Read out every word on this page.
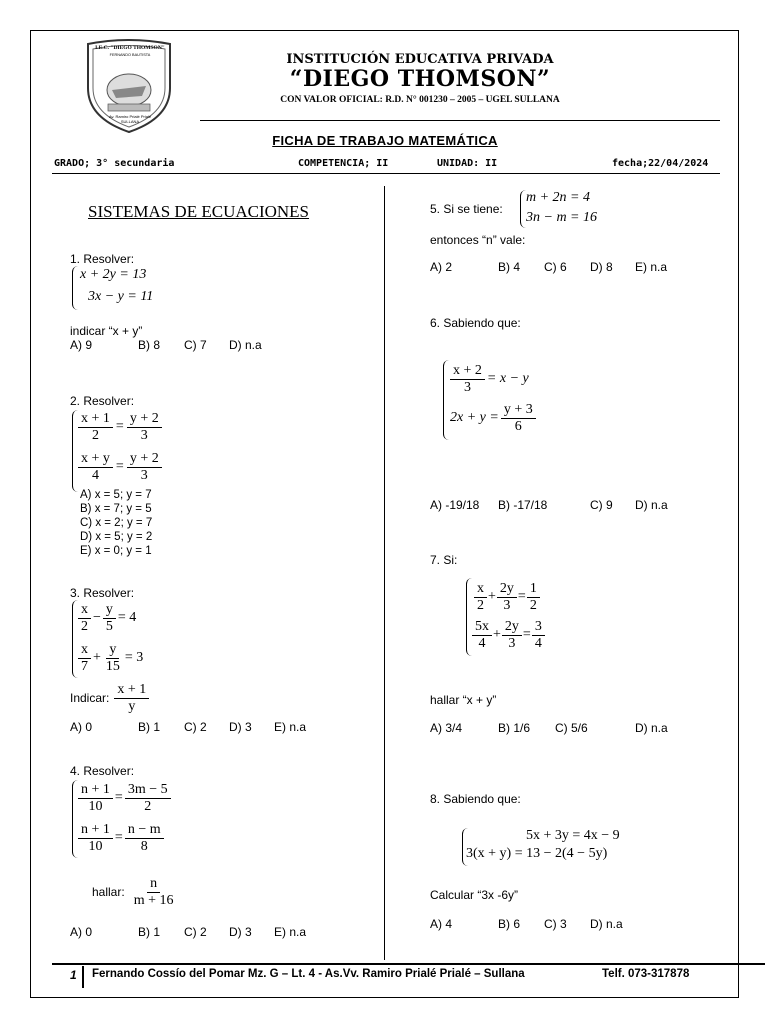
I.E.C. "DIEGO THOMSON"
FERNANDO BAUTISTA
Av. Ramiro Prialé Prialé
SULLANA
INSTITUCIÓN EDUCATIVA PRIVADA
“DIEGO THOMSON”
CON VALOR OFICIAL: R.D. N° 001230 – 2005 – UGEL SULLANA
FICHA DE TRABAJO MATEMÁTICA
GRADO; 3° secundaria	COMPETENCIA; II	UNIDAD: II	fecha;22/04/2024
SISTEMAS DE ECUACIONES
1. Resolver:
x + 2y = 13
3x − y = 11
indicar “x + y”
A) 9	B) 8 C) 7 D) n.a
2. Resolver:
$\frac{x + 1}{2} = \frac{y + 2}{3}$
$\frac{x + y}{4} = \frac{y + 2}{3}$
A) x = 5; y = 7
B) x = 7; y = 5
C) x = 2; y = 7
D) x = 5; y = 2
E) x = 0; y = 1
3. Resolver:
$\frac{x}{2} - \frac{y}{5} = 4$
$\frac{x}{7} + \frac{y}{15} = 3$
Indicar: $\frac{x + 1}{y}$
A) 0	B) 1 C) 2 D) 3 E) n.a
4. Resolver:
$\frac{n + 1}{10} = \frac{3m - 5}{2}$
$\frac{n + 1}{10} = \frac{n - m}{8}$
hallar: $\frac{n}{m + 16}$
A) 0	B) 1 C) 2 D) 3 E) n.a
5. Si se tiene:
m + 2n = 4
3n − m = 16
entonces “n” vale:
A) 2	B) 4 C) 6 D) 8 E) n.a
6. Sabiendo que:
$\frac{x + 2}{3} = x - y$
$2x + y = \frac{y + 3}{6}$
A) -19/18 B) -17/18	C) 9 D) n.a
7. Si:
$\frac{x}{2} + \frac{2y}{3} = \frac{1}{2}$
$\frac{5x}{4} + \frac{2y}{3} = \frac{3}{4}$
hallar “x + y”
A) 3/4	B) 1/6 C) 5/6	D) n.a
8. Sabiendo que:
5x + 3y = 4x − 9
3(x + y) = 13 − 2(4 − 5y)
Calcular “3x -6y”
A) 4	B) 6 C) 3 D) n.a
1 Fernando Cossío del Pomar Mz. G – Lt. 4 - As.Vv. Ramiro Prialé Prialé – Sullana	Telf. 073-317878
